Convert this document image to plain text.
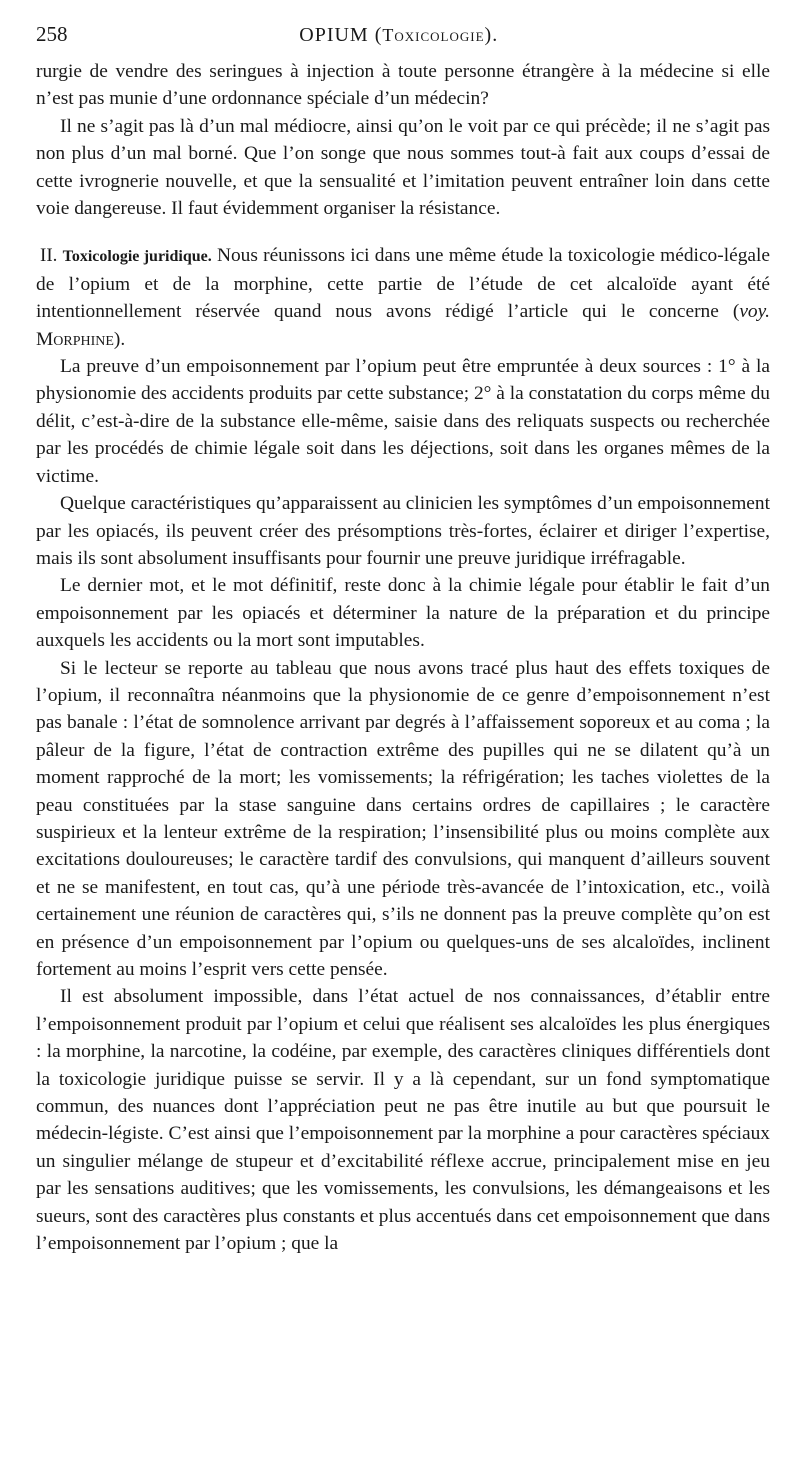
258	OPIUM (Toxicologie).

rurgie de vendre des seringues à injection à toute personne étrangère à la médecine si elle n’est pas munie d’une ordonnance spéciale d’un médecin?

Il ne s’agit pas là d’un mal médiocre, ainsi qu’on le voit par ce qui précède; il ne s’agit pas non plus d’un mal borné. Que l’on songe que nous sommes tout-à fait aux coups d’essai de cette ivrognerie nouvelle, et que la sensualité et l’imitation peuvent entraîner loin dans cette voie dangereuse. Il faut évidemment organiser la résistance.

II. Toxicologie juridique. Nous réunissons ici dans une même étude la toxicologie médico-légale de l’opium et de la morphine, cette partie de l’étude de cet alcaloïde ayant été intentionnellement réservée quand nous avons rédigé l’article qui le concerne (voy. Morphine).

La preuve d’un empoisonnement par l’opium peut être empruntée à deux sources : 1° à la physionomie des accidents produits par cette substance; 2° à la constatation du corps même du délit, c’est-à-dire de la substance elle-même, saisie dans des reliquats suspects ou recherchée par les procédés de chimie légale soit dans les déjections, soit dans les organes mêmes de la victime.

Quelque caractéristiques qu’apparaissent au clinicien les symptômes d’un empoisonnement par les opiacés, ils peuvent créer des présomptions très-fortes, éclairer et diriger l’expertise, mais ils sont absolument insuffisants pour fournir une preuve juridique irréfragable.

Le dernier mot, et le mot définitif, reste donc à la chimie légale pour établir le fait d’un empoisonnement par les opiacés et déterminer la nature de la préparation et du principe auxquels les accidents ou la mort sont imputables.

Si le lecteur se reporte au tableau que nous avons tracé plus haut des effets toxiques de l’opium, il reconnaîtra néanmoins que la physionomie de ce genre d’empoisonnement n’est pas banale : l’état de somnolence arrivant par degrés à l’affaissement soporeux et au coma ; la pâleur de la figure, l’état de contraction extrême des pupilles qui ne se dilatent qu’à un moment rapproché de la mort; les vomissements; la réfrigération; les taches violettes de la peau constituées par la stase sanguine dans certains ordres de capillaires ; le caractère suspirieux et la lenteur extrême de la respiration; l’insensibilité plus ou moins complète aux excitations douloureuses; le caractère tardif des convulsions, qui manquent d’ailleurs souvent et ne se manifestent, en tout cas, qu’à une période très-avancée de l’intoxication, etc., voilà certainement une réunion de caractères qui, s’ils ne donnent pas la preuve complète qu’on est en présence d’un empoisonnement par l’opium ou quelques-uns de ses alcaloïdes, inclinent fortement au moins l’esprit vers cette pensée.

Il est absolument impossible, dans l’état actuel de nos connaissances, d’établir entre l’empoisonnement produit par l’opium et celui que réalisent ses alcaloïdes les plus énergiques : la morphine, la narcotine, la codéine, par exemple, des caractères cliniques différentiels dont la toxicologie juridique puisse se servir. Il y a là cependant, sur un fond symptomatique commun, des nuances dont l’appréciation peut ne pas être inutile au but que poursuit le médecin-légiste. C’est ainsi que l’empoisonnement par la morphine a pour caractères spéciaux un singulier mélange de stupeur et d’excitabilité réflexe accrue, principalement mise en jeu par les sensations auditives; que les vomissements, les convulsions, les démangeaisons et les sueurs, sont des caractères plus constants et plus accentués dans cet empoisonnement que dans l’empoisonnement par l’opium ; que la
